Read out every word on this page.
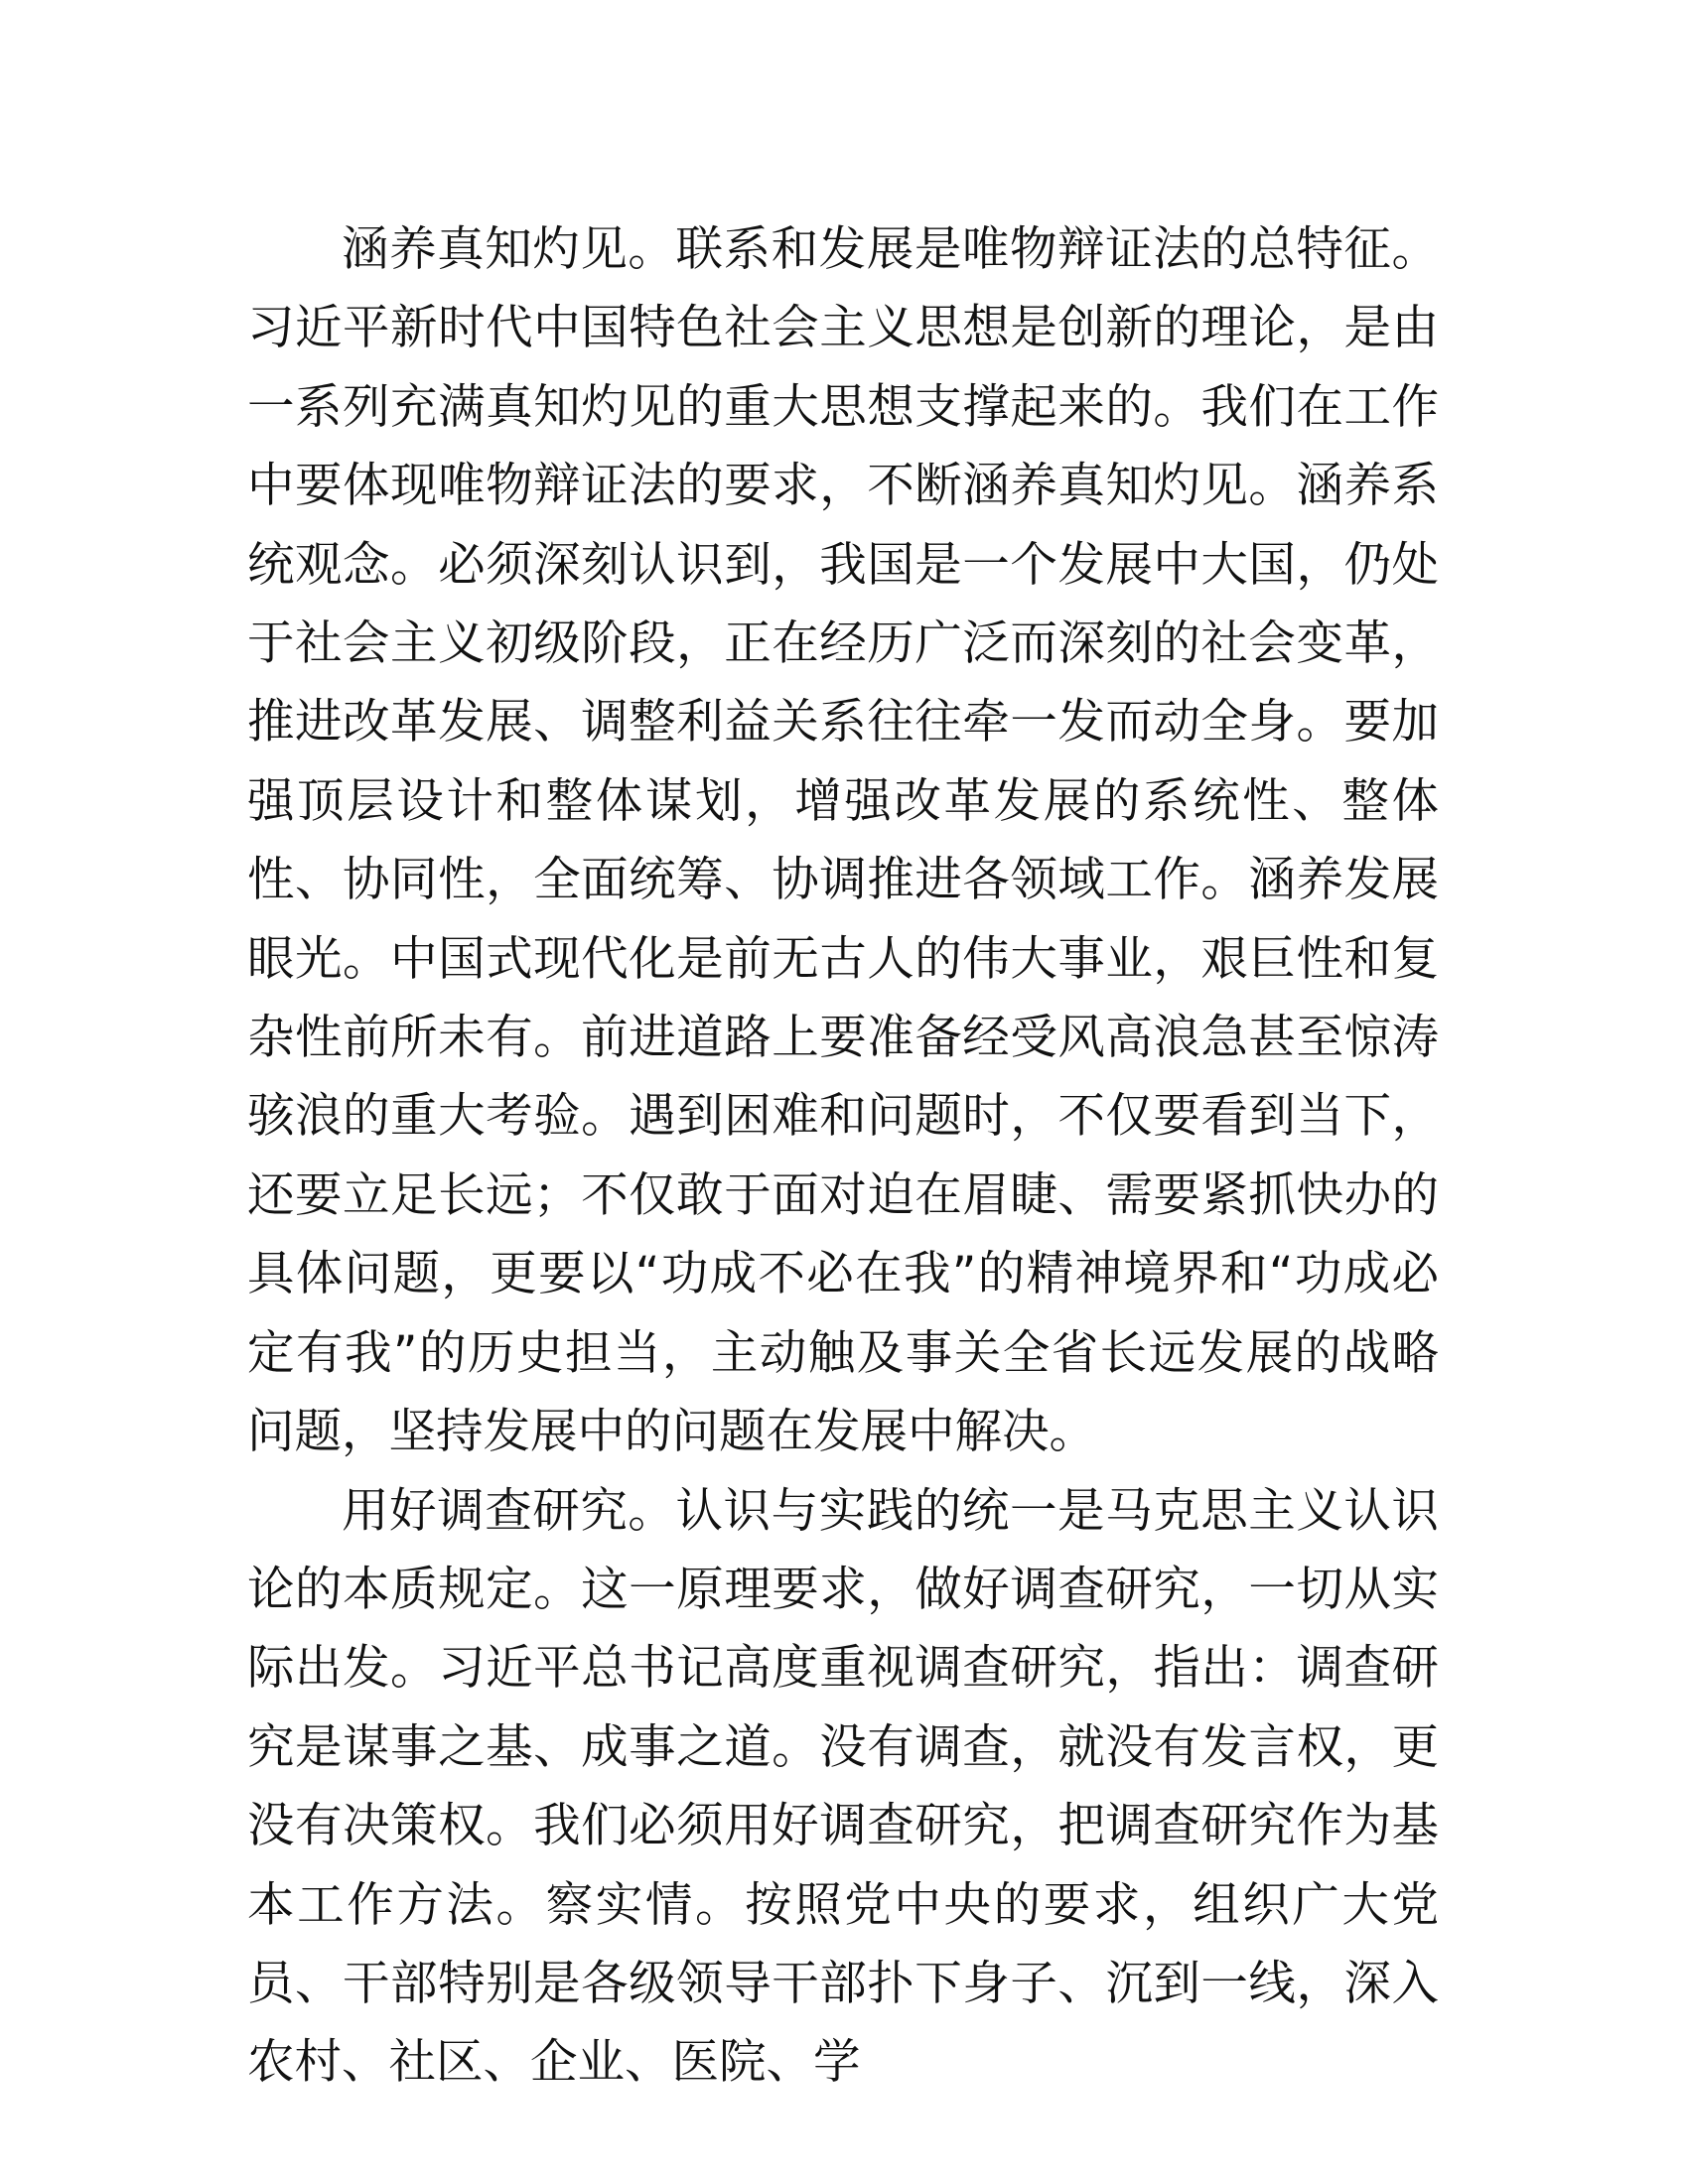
涵养真知灼见。联系和发展是唯物辩证法的总特征。习近平新时代中国特色社会主义思想是创新的理论，是由一系列充满真知灼见的重大思想支撑起来的。我们在工作中要体现唯物辩证法的要求，不断涵养真知灼见。涵养系统观念。必须深刻认识到，我国是一个发展中大国，仍处于社会主义初级阶段，正在经历广泛而深刻的社会变革，推进改革发展、调整利益关系往往牵一发而动全身。要加强顶层设计和整体谋划，增强改革发展的系统性、整体性、协同性，全面统筹、协调推进各领域工作。涵养发展眼光。中国式现代化是前无古人的伟大事业，艰巨性和复杂性前所未有。前进道路上要准备经受风高浪急甚至惊涛骇浪的重大考验。遇到困难和问题时，不仅要看到当下，还要立足长远；不仅敢于面对迫在眉睫、需要紧抓快办的具体问题，更要以“功成不必在我”的精神境界和“功成必定有我”的历史担当，主动触及事关全省长远发展的战略问题，坚持发展中的问题在发展中解决。

用好调查研究。认识与实践的统一是马克思主义认识论的本质规定。这一原理要求，做好调查研究，一切从实际出发。习近平总书记高度重视调查研究，指出：调查研究是谋事之基、成事之道。没有调查，就没有发言权，更没有决策权。我们必须用好调查研究，把调查研究作为基本工作方法。察实情。按照党中央的要求，组织广大党员、干部特别是各级领导干部扑下身子、沉到一线，深入农村、社区、企业、医院、学
